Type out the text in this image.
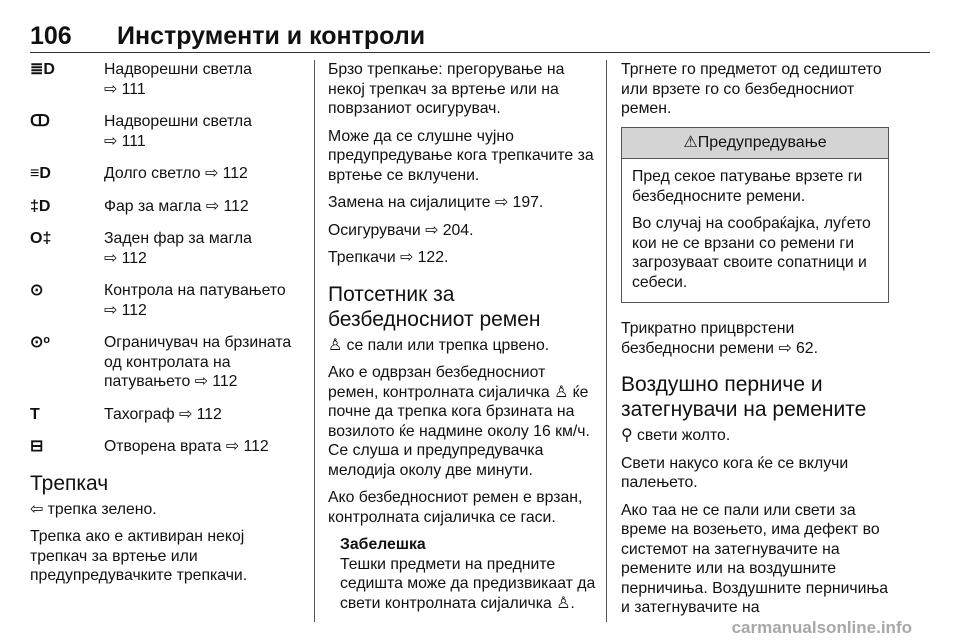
106 Инструменти и контроли
≣D	Надворешни светла
⇨ 111
ↀ	Надворешни светла
⇨ 111
≡D	Долго светло ⇨ 112
‡D	Фар за магла ⇨ 112
O‡	Заден фар за магла
⇨ 112
⊙	Контрола на патувањето
⇨ 112
⊙ᵒ	Ограничувач на брзината од контролата на патувањето ⇨ 112
T	Тахограф ⇨ 112
⊟	Отворена врата ⇨ 112
Трепкач

⇦ трепка зелено.

Трепка ако е активиран некој трепкач за вртење или предупредувачките трепкачи.

Брзо трепкање: прегорување на некој трепкач за вртење или на поврзаниот осигурувач.

Може да се слушне чујно предупредување кога трепкачите за вртење се вклучени.

Замена на сијалиците ⇨ 197.

Осигурувачи ⇨ 204.

Трепкачи ⇨ 122.

Потсетник за безбедносниот ремен

♙ се пали или трепка црвено.

Ако е одврзан безбедносниот ремен, контролната сијаличка ♙ ќе почне да трепка кога брзината на возилото ќе надмине околу 16 км/ч. Се слуша и предупредувачка мелодија околу две минути.

Ако безбедносниот ремен е врзан, контролната сијаличка се гаси.

Забелешка

Тешки предмети на предните седишта може да предизвикаат да свети контролната сијаличка ♙.

Тргнете го предметот од седиштето или врзете го со безбедносниот ремен.

⚠Предупредување

Пред секое патување врзете ги безбедносните ремени.

Во случај на сообраќајка, луѓето кои не се врзани со ремени ги загрозуваат своите сопатници и себеси.

Трикратно прицврстени безбедносни ремени ⇨ 62.

Воздушно перниче и затегнувачи на ремените

⚲ свети жолто.

Свети накусо кога ќе се вклучи палењето.

Ако таа не се пали или свети за време на возењето, има дефект во системот на затегнувачите на ремените или на воздушните перничиња. Воздушните перничиња и затегнувачите на

carmanualsonline.info
